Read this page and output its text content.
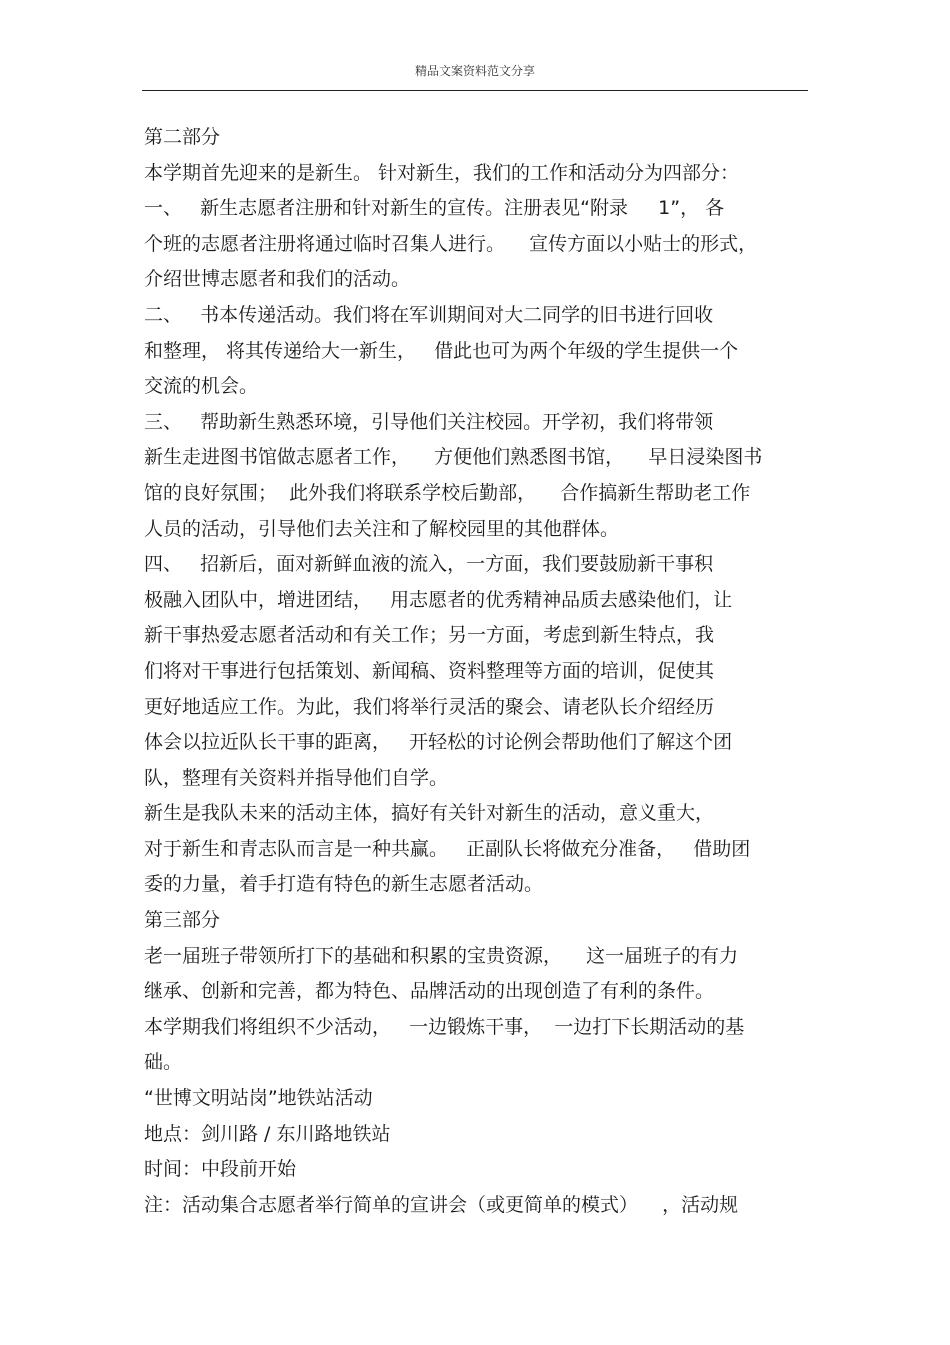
精品文案资料范文分享
第二部分
本学期首先迎来的是新生。 针对新生，我们的工作和活动分为四部分：
一、   新生志愿者注册和针对新生的宣传。注册表见“附录     1”， 各
个班的志愿者注册将通过临时召集人进行。    宣传方面以小贴士的形式，
介绍世博志愿者和我们的活动。
二、   书本传递活动。我们将在军训期间对大二同学的旧书进行回收
和整理， 将其传递给大一新生，   借此也可为两个年级的学生提供一个
交流的机会。
三、   帮助新生熟悉环境，引导他们关注校园。开学初，我们将带领
新生走进图书馆做志愿者工作，    方便他们熟悉图书馆，    早日浸染图书
馆的良好氛围；  此外我们将联系学校后勤部，    合作搞新生帮助老工作
人员的活动，引导他们去关注和了解校园里的其他群体。
四、   招新后，面对新鲜血液的流入，一方面，我们要鼓励新干事积
极融入团队中，增进团结，   用志愿者的优秀精神品质去感染他们，让
新干事热爱志愿者活动和有关工作；另一方面，考虑到新生特点，我
们将对干事进行包括策划、新闻稿、资料整理等方面的培训，促使其
更好地适应工作。为此，我们将举行灵活的聚会、请老队长介绍经历
体会以拉近队长干事的距离，   开轻松的讨论例会帮助他们了解这个团
队，整理有关资料并指导他们自学。
新生是我队未来的活动主体，搞好有关针对新生的活动，意义重大，
对于新生和青志队而言是一种共赢。   正副队长将做充分准备，   借助团
委的力量，着手打造有特色的新生志愿者活动。
第三部分
老一届班子带领所打下的基础和积累的宝贵资源，    这一届班子的有力
继承、创新和完善，都为特色、品牌活动的出现创造了有利的条件。
本学期我们将组织不少活动，   一边锻炼干事，  一边打下长期活动的基
础。
“世博文明站岗”地铁站活动
地点：剑川路 / 东川路地铁站
时间：中段前开始
注：活动集合志愿者举行简单的宣讲会（或更简单的模式）    ，活动规
